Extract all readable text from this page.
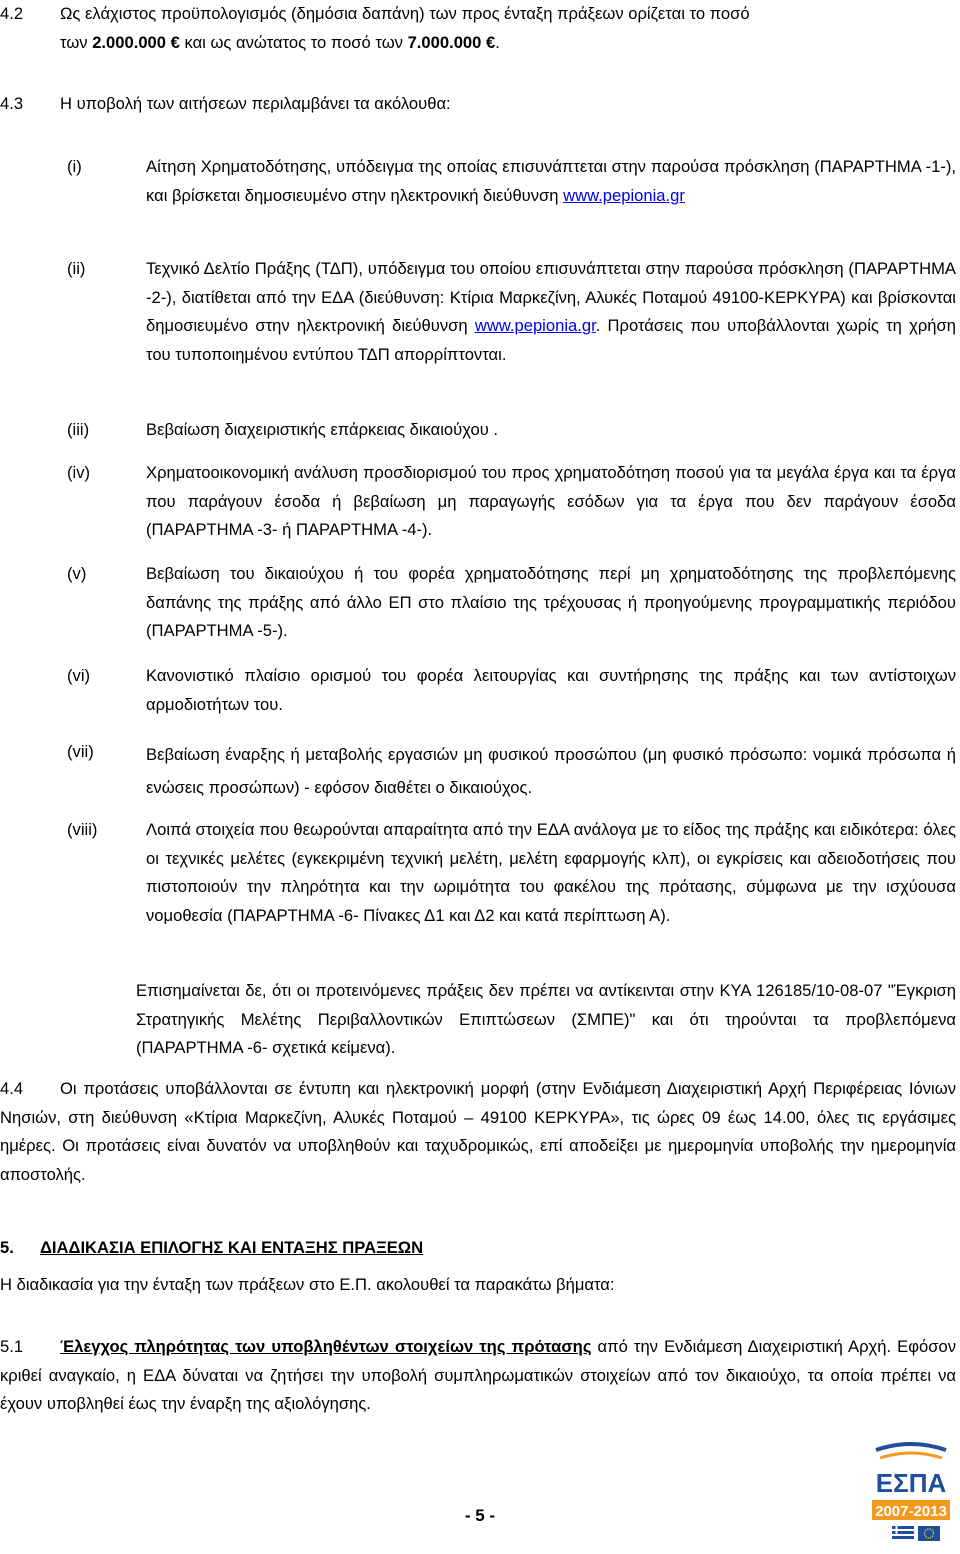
4.2 Ως ελάχιστος προϋπολογισμός (δημόσια δαπάνη) των προς ένταξη πράξεων ορίζεται το ποσό
των 2.000.000 € και ως ανώτατος το ποσό των 7.000.000 €.
4.3 Η υποβολή των αιτήσεων περιλαμβάνει τα ακόλουθα:
(i)	Αίτηση Χρηματοδότησης, υπόδειγμα της οποίας επισυνάπτεται στην παρούσα πρόσκληση (ΠΑΡΑΡΤΗΜΑ -1-), και βρίσκεται δημοσιευμένο στην ηλεκτρονική διεύθυνση www.pepionia.gr
(ii)	Τεχνικό Δελτίο Πράξης (ΤΔΠ), υπόδειγμα του οποίου επισυνάπτεται στην παρούσα πρόσκληση (ΠΑΡΑΡΤΗΜΑ -2-), διατίθεται από την ΕΔΑ (διεύθυνση: Κτίρια Μαρκεζίνη, Αλυκές Ποταμού 49100-ΚΕΡΚΥΡΑ) και βρίσκονται δημοσιευμένο στην ηλεκτρονική διεύθυνση www.pepionia.gr. Προτάσεις που υποβάλλονται χωρίς τη χρήση του τυποποιημένου εντύπου ΤΔΠ απορρίπτονται.
(iii)	Βεβαίωση διαχειριστικής επάρκειας δικαιούχου .
(iv)	Χρηματοοικονομική ανάλυση προσδιορισμού του προς χρηματοδότηση ποσού για τα μεγάλα έργα και τα έργα που παράγουν έσοδα ή βεβαίωση μη παραγωγής εσόδων για τα έργα που δεν παράγουν έσοδα (ΠΑΡΑΡΤΗΜΑ -3- ή ΠΑΡΑΡΤΗΜΑ -4-).
(v)	Βεβαίωση του δικαιούχου ή του φορέα χρηματοδότησης περί μη χρηματοδότησης της προβλεπόμενης δαπάνης της πράξης από άλλο ΕΠ στο πλαίσιο της τρέχουσας ή προηγούμενης προγραμματικής περιόδου (ΠΑΡΑΡΤΗΜΑ -5-).
(vi)	Κανονιστικό πλαίσιο ορισμού του φορέα λειτουργίας και συντήρησης της πράξης και των αντίστοιχων αρμοδιοτήτων του.
(vii)	Βεβαίωση έναρξης ή μεταβολής εργασιών μη φυσικού προσώπου (μη φυσικό πρόσωπο: νομικά πρόσωπα ή ενώσεις προσώπων) - εφόσον διαθέτει ο δικαιούχος.
(viii)	Λοιπά στοιχεία που θεωρούνται απαραίτητα από την ΕΔΑ ανάλογα με το είδος της πράξης και ειδικότερα: όλες οι τεχνικές μελέτες (εγκεκριμένη τεχνική μελέτη, μελέτη εφαρμογής κλπ), οι εγκρίσεις και αδειοδοτήσεις που πιστοποιούν την πληρότητα και την ωριμότητα του φακέλου της πρότασης, σύμφωνα με την ισχύουσα νομοθεσία (ΠΑΡΑΡΤΗΜΑ -6- Πίνακες Δ1 και Δ2 και κατά περίπτωση Α).
Επισημαίνεται δε, ότι οι προτεινόμενες πράξεις δεν πρέπει να αντίκεινται στην ΚΥΑ 126185/10-08-07 "Έγκριση Στρατηγικής Μελέτης Περιβαλλοντικών Επιπτώσεων (ΣΜΠΕ)" και ότι τηρούνται τα προβλεπόμενα (ΠΑΡΑΡΤΗΜΑ -6- σχετικά κείμενα).
4.4	Οι προτάσεις υποβάλλονται σε έντυπη και ηλεκτρονική μορφή (στην Ενδιάμεση Διαχειριστική Αρχή Περιφέρειας Ιόνιων Νησιών, στη διεύθυνση «Κτίρια Μαρκεζίνη, Αλυκές Ποταμού – 49100 ΚΕΡΚΥΡΑ», τις ώρες 09 έως 14.00, όλες τις εργάσιμες ημέρες. Οι προτάσεις είναι δυνατόν να υποβληθούν και ταχυδρομικώς, επί αποδείξει με ημερομηνία υποβολής την ημερομηνία αποστολής.
5. ΔΙΑΔΙΚΑΣΙΑ ΕΠΙΛΟΓΗΣ ΚΑΙ ΕΝΤΑΞΗΣ ΠΡΑΞΕΩΝ
Η διαδικασία για την ένταξη των πράξεων στο Ε.Π. ακολουθεί τα παρακάτω βήματα:
5.1	Έλεγχος πληρότητας των υποβληθέντων στοιχείων της πρότασης από την Ενδιάμεση Διαχειριστική Αρχή. Εφόσον κριθεί αναγκαίο, η ΕΔΑ δύναται να ζητήσει την υποβολή συμπληρωματικών στοιχείων από τον δικαιούχο, τα οποία πρέπει να έχουν υποβληθεί έως την έναρξη της αξιολόγησης.
- 5 -
ΕΣΠΑ
2007-2013
